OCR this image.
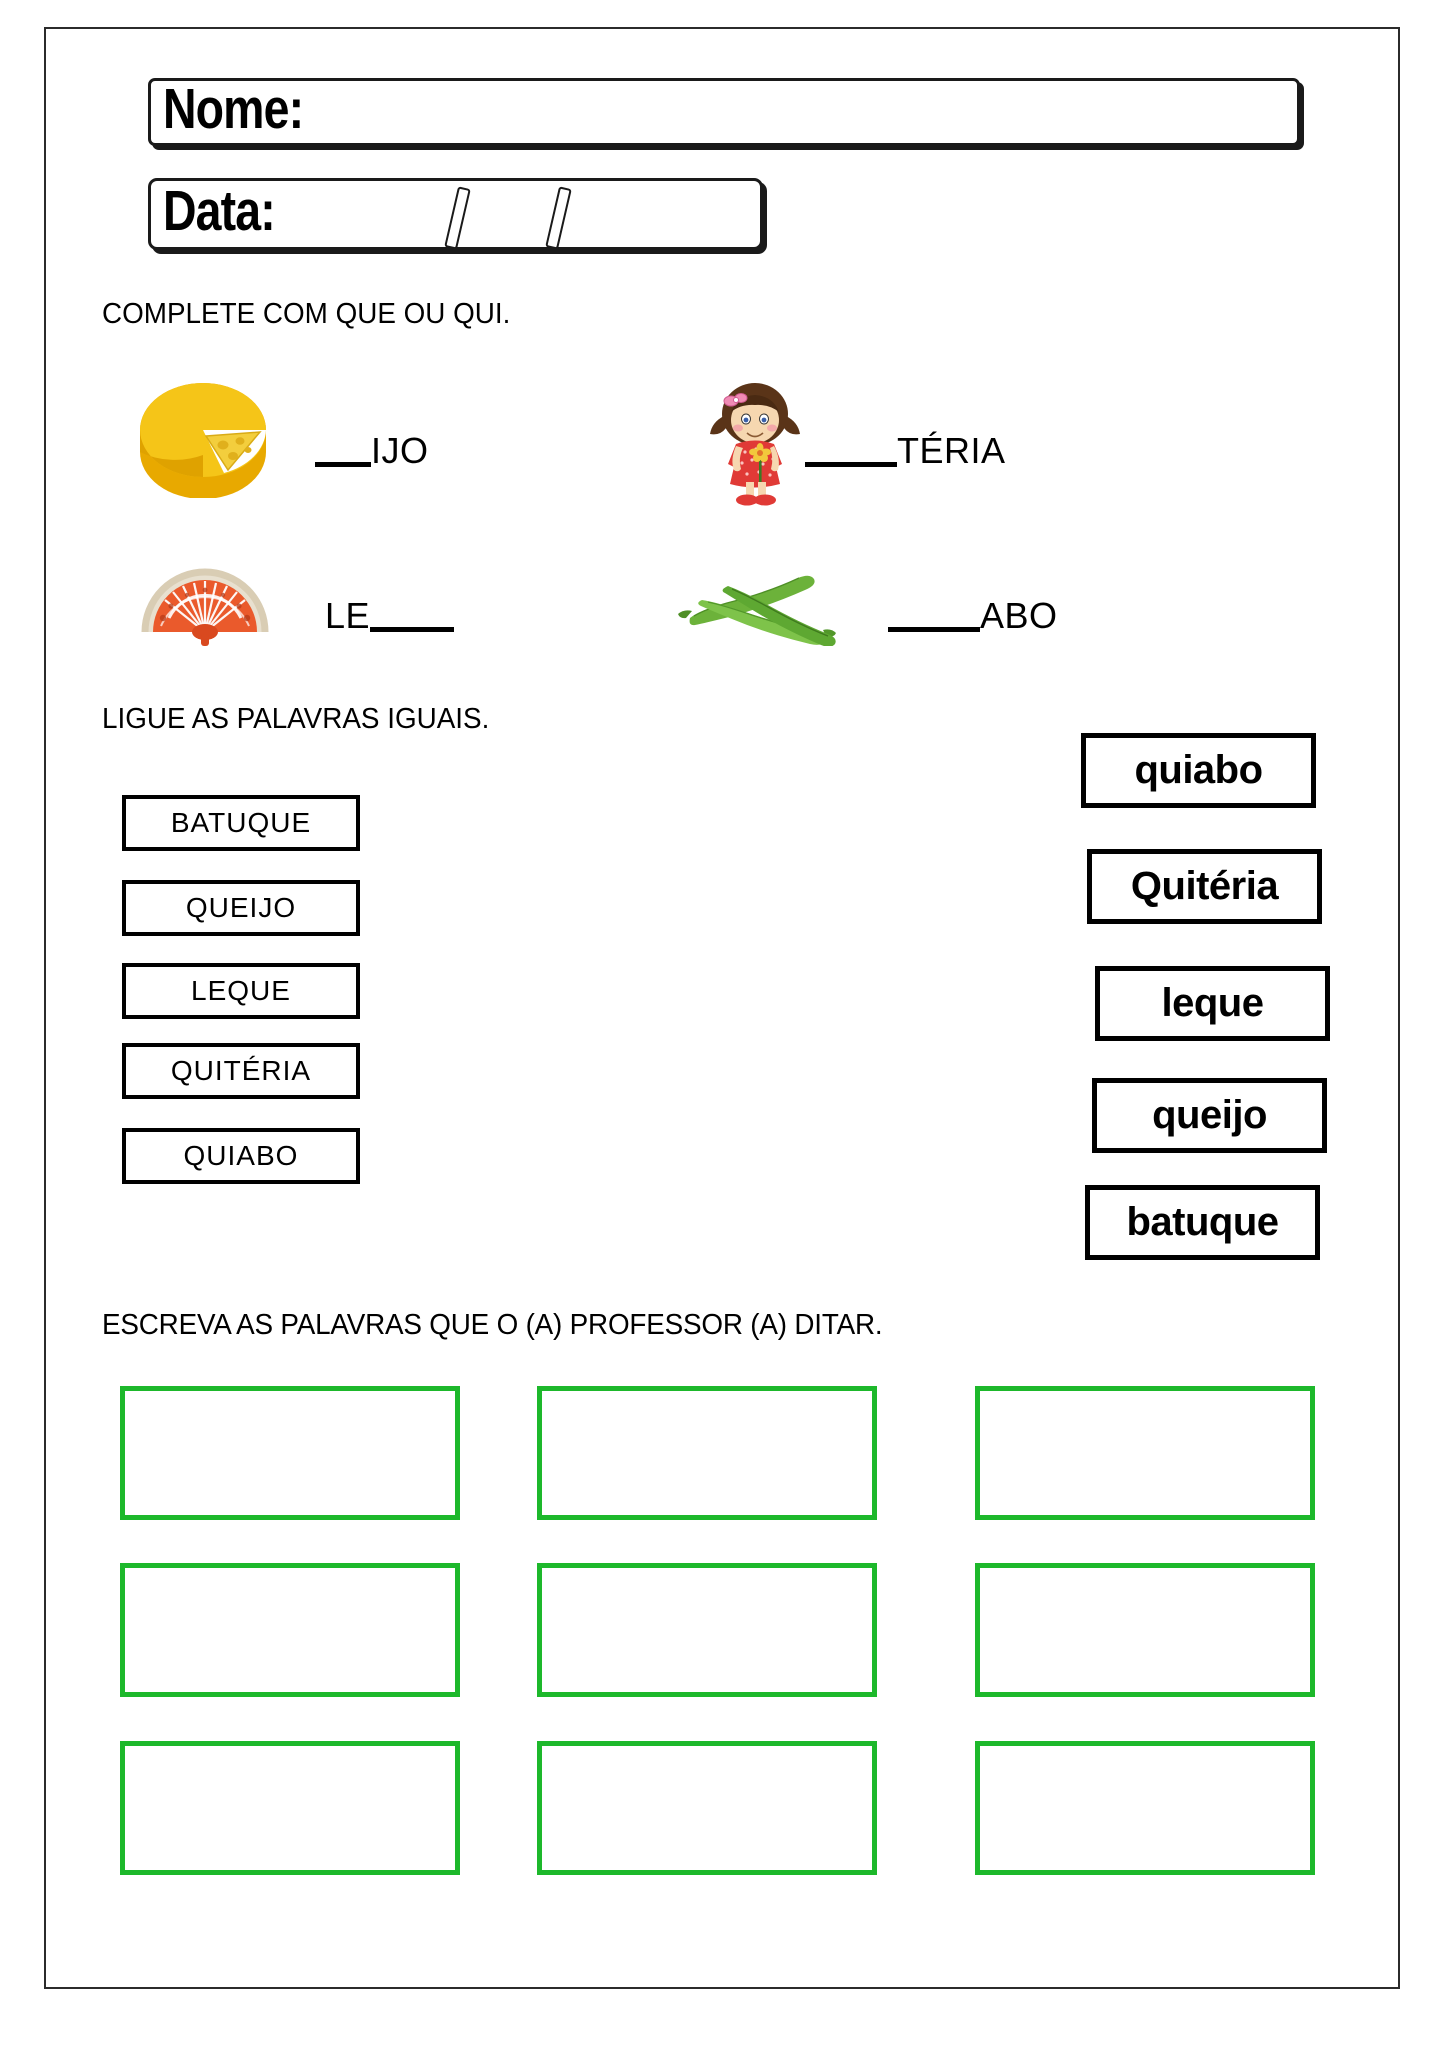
Nome:
Data:
COMPLETE COM QUE OU QUI.
IJO	TÉRIA
LE	ABO
LIGUE AS PALAVRAS IGUAIS.
BATUQUE
QUEIJO
LEQUE
QUITÉRIA
QUIABO
quiabo
Quitéria
leque
queijo
batuque
ESCREVA AS PALAVRAS QUE O (A) PROFESSOR (A) DITAR.
